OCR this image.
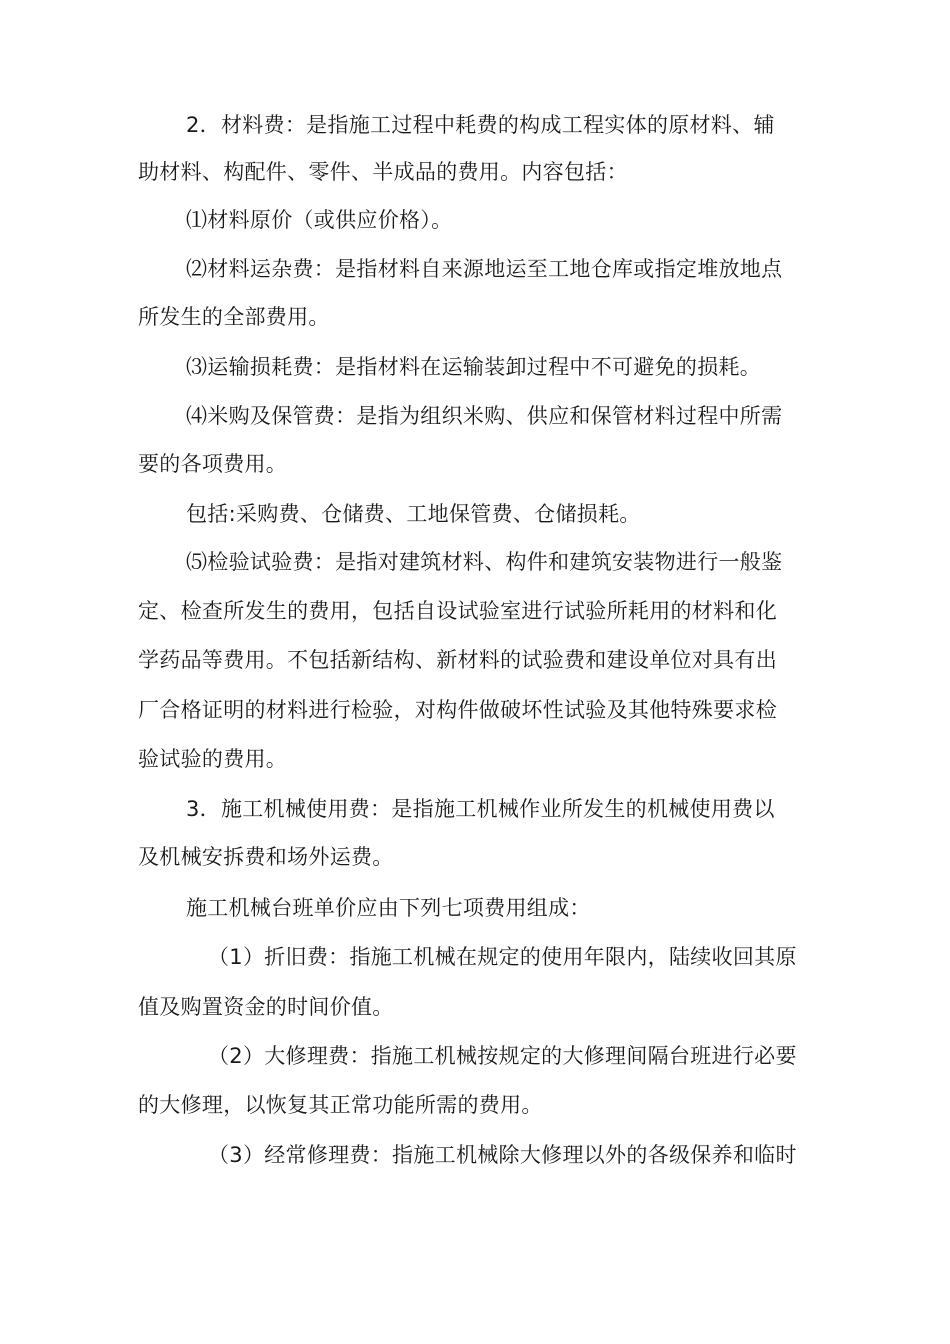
2．材料费：是指施工过程中耗费的构成工程实体的原材料、辅
助材料、构配件、零件、半成品的费用。内容包括：
⑴材料原价（或供应价格）。
⑵材料运杂费：是指材料自来源地运至工地仓库或指定堆放地点
所发生的全部费用。
⑶运输损耗费：是指材料在运输装卸过程中不可避免的损耗。
⑷米购及保管费：是指为组织米购、供应和保管材料过程中所需
要的各项费用。
包括:采购费、仓储费、工地保管费、仓储损耗。
⑸检验试验费：是指对建筑材料、构件和建筑安装物进行一般鉴
定、检查所发生的费用，包括自设试验室进行试验所耗用的材料和化
学药品等费用。不包括新结构、新材料的试验费和建设单位对具有出
厂合格证明的材料进行检验，对构件做破坏性试验及其他特殊要求检
验试验的费用。
3．施工机械使用费：是指施工机械作业所发生的机械使用费以
及机械安拆费和场外运费。
施工机械台班单价应由下列七项费用组成：
（1）折旧费：指施工机械在规定的使用年限内，陆续收回其原
值及购置资金的时间价值。
（2）大修理费：指施工机械按规定的大修理间隔台班进行必要
的大修理，以恢复其正常功能所需的费用。
（3）经常修理费：指施工机械除大修理以外的各级保养和临时
